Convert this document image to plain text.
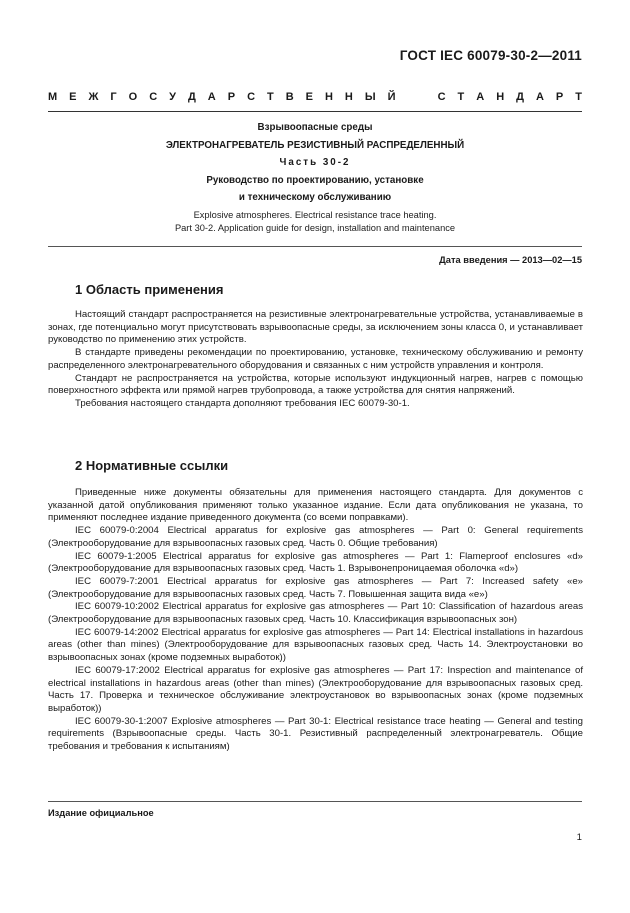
ГОСТ IEC 60079-30-2—2011
М Е Ж Г О С У Д А Р С Т В Е Н Н Ы Й

	С Т А Н Д А Р Т
Взрывоопасные среды
ЭЛЕКТРОНАГРЕВАТЕЛЬ РЕЗИСТИВНЫЙ РАСПРЕДЕЛЕННЫЙ
Часть 30-2
Руководство по проектированию, установке
и техническому обслуживанию
Explosive atmospheres. Electrical resistance trace heating.
Part 30-2. Application guide for design, installation and maintenance
Дата введения — 2013—02—15
1 Область применения

Настоящий стандарт распространяется на резистивные электронагревательные устройства, устанавливаемые в зонах, где потенциально могут присутствовать взрывоопасные среды, за исключением зоны класса 0, и устанавливает руководство по применению этих устройств.

В стандарте приведены рекомендации по проектированию, установке, техническому обслуживанию и ремонту распределенного электронагревательного оборудования и связанных с ним устройств управления и контроля.

Стандарт не распространяется на устройства, которые используют индукционный нагрев, нагрев с помощью поверхностного эффекта или прямой нагрев трубопровода, а также устройства для снятия напряжений.

Требования настоящего стандарта дополняют требования IEC 60079-30-1.

2 Нормативные ссылки

Приведенные ниже документы обязательны для применения настоящего стандарта. Для документов с указанной датой опубликования применяют только указанное издание. Если дата опубликования не указана, то применяют последнее издание приведенного документа (со всеми поправками).

IEC 60079-0:2004 Electrical apparatus for explosive gas atmospheres — Part 0: General requirements (Электрооборудование для взрывоопасных газовых сред. Часть 0. Общие требования)

IEC 60079-1:2005 Electrical apparatus for explosive gas atmospheres — Part 1: Flameproof enclosures «d» (Электрооборудование для взрывоопасных газовых сред. Часть 1. Взрывонепроницаемая оболочка «d»)

IEC 60079-7:2001 Electrical apparatus for explosive gas atmospheres — Part 7: Increased safety «e» (Электрооборудование для взрывоопасных газовых сред. Часть 7. Повышенная защита вида «e»)

IEC 60079-10:2002 Electrical apparatus for explosive gas atmospheres — Part 10: Classification of hazardous areas (Электрооборудование для взрывоопасных газовых сред. Часть 10. Классификация взрывоопасных зон)

IEC 60079-14:2002 Electrical apparatus for explosive gas atmospheres — Part 14: Electrical installations in hazardous areas (other than mines) (Электрооборудование для взрывоопасных газовых сред. Часть 14. Электроустановки во взрывоопасных зонах (кроме подземных выработок))

IEC 60079-17:2002 Electrical apparatus for explosive gas atmospheres — Part 17: Inspection and maintenance of electrical installations in hazardous areas (other than mines) (Электрооборудование для взрывоопасных газовых сред. Часть 17. Проверка и техническое обслуживание электроустановок во взрывоопасных зонах (кроме подземных выработок))

IEC 60079-30-1:2007 Explosive atmospheres — Part 30-1: Electrical resistance trace heating — General and testing requirements (Взрывоопасные среды. Часть 30-1. Резистивный распределенный электронагреватель. Общие требования и требования к испытаниям)

Издание официальное
1
